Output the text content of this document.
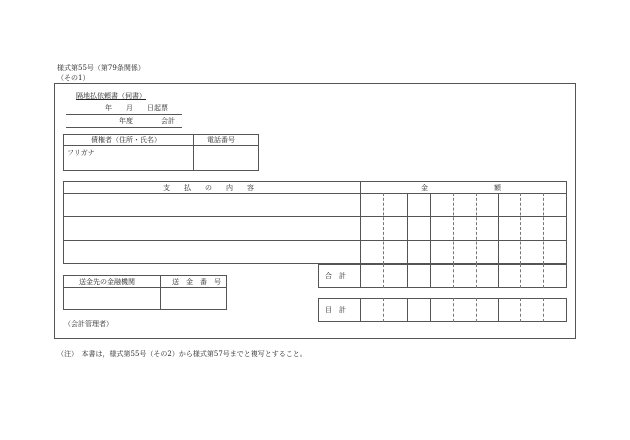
様式第55号（第79条関係）
（その1）
隔地払依頼書（伺書）
年　　月　　日起票
年度　　　　会計
債権者（住所・氏名）	電話番号
フリガナ
支　　払　　の　　内　　容	金	額
合　計
目　計
送金先の金融機関	送　金　番　号
（会計管理者）
（注）　本書は，様式第55号（その2）から様式第57号までと複写とすること。
